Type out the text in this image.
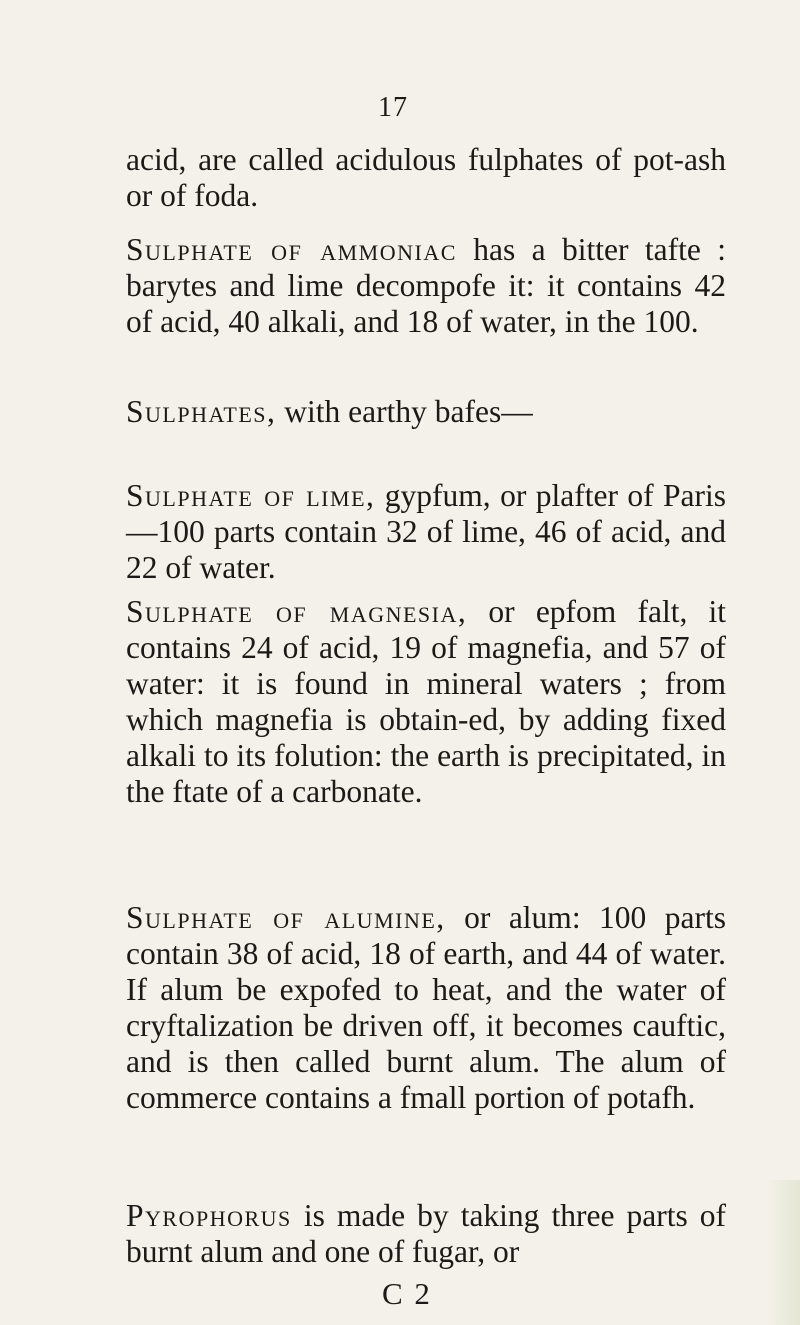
17

acid, are called acidulous fulphates of pot-ash or of foda.

Sulphate of ammoniac has a bitter tafte : barytes and lime decompofe it: it contains 42 of acid, 40 alkali, and 18 of water, in the 100.

Sulphates, with earthy bafes—

Sulphate of lime, gypfum, or plafter of Paris—100 parts contain 32 of lime, 46 of acid, and 22 of water.

Sulphate of magnesia, or epfom falt, it contains 24 of acid, 19 of magnefia, and 57 of water: it is found in mineral waters ; from which magnefia is obtain-ed, by adding fixed alkali to its folution: the earth is precipitated, in the ftate of a carbonate.

Sulphate of alumine, or alum: 100 parts contain 38 of acid, 18 of earth, and 44 of water. If alum be expofed to heat, and the water of cryftalization be driven off, it becomes cauftic, and is then called burnt alum. The alum of commerce contains a fmall portion of potafh.

Pyrophorus is made by taking three parts of burnt alum and one of fugar, or

C 2
